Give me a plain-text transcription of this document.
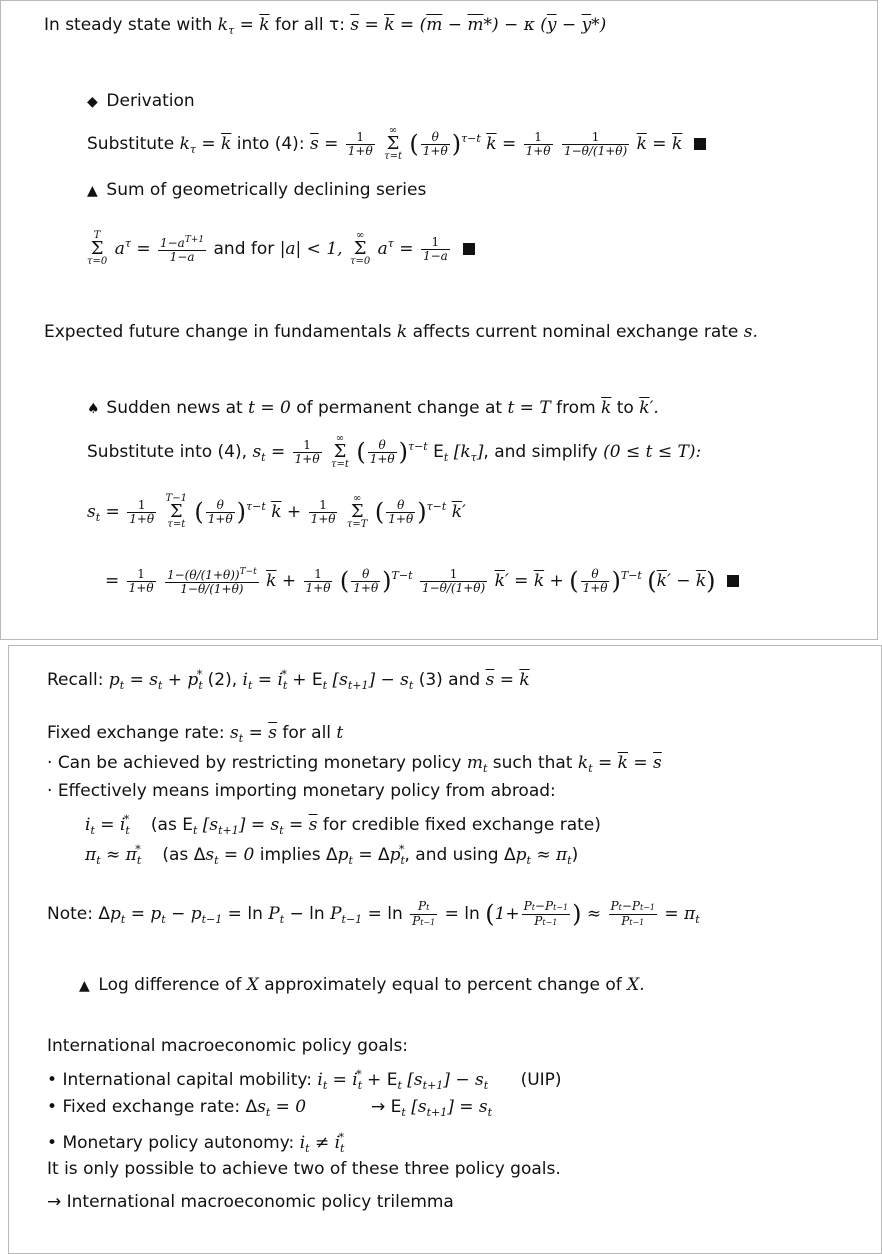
In steady state with $k_\tau = \overline{k}$ for all τ: $\overline{s} = \overline{k} = (\overline{m} - \overline{m}*) - \kappa$ $(\overline{y} - \overline{y}*)$
◆ Derivation
Substitute $k_\tau = \overline{k}$ into (4): $\overline{s} = \frac{1}{1+\theta}$ ∞
Σ
τ=t ( $\frac{\theta}{1+\theta} )^{\tau-t}$ $\overline{k} = \frac{1}{1+\theta}$
$\frac{1}{1-\theta/(1+\theta)} \overline{k} = \overline{k}$
▲ Sum of geometrically declining series
T
Σ
τ=0 $a^\tau = \frac{1-a^{T+1}}{1-a}$ and for |a| < 1, ∞
Σ
τ=0 $a^\tau = \frac{1}{1-a}$

Expected future change in fundamentals k affects current nominal exchange rate s.
♠ Sudden news at t = 0 of permanent change at t = T from $\overline{k}$ to $\overline{k}'$.
Substitute into (4), $s_t = \frac{1}{1+\theta}$ ∞
Σ
τ=t ( $\frac{\theta}{1+\theta} )^{\tau-t}$ $E_t$ $[k_\tau]$, and simplify (0 ≤ t ≤ T):
$s_t = \frac{1}{1+\theta} T-1$
Σ
τ=t ( $\frac{\theta}{1+\theta} )^{\tau-t}$ $\overline{k} + \frac{1}{1+\theta}$ ∞
Σ
τ=T ( $\frac{\theta}{1+\theta} )^{\tau-t}$ $\overline{k}'$
= $\frac{1}{1+\theta}$
$\frac{1-(\theta/(1+\theta))^{T-t}}{1-\theta/(1+\theta)} \overline{k} + \frac{1}{1+\theta}$ ( $\frac{\theta}{1+\theta} )^{T-t} \frac{1}{1-\theta/(1+\theta)} \overline{k}' = \overline{k}$ + ( $\frac{\theta}{1+\theta} )^{T-t}$ $(\overline{k}' - \overline{k})$
Recall: $p_t = s_t + p_t^*$ (2), $i_t = i_t^* + E_t$ $[s_{t+1}] - s_t$ (3) and $\overline{s} = \overline{k}$
Fixed exchange rate: $s_t = \overline{s}$ for all t
· Can be achieved by restricting monetary policy $m_t$ such that $k_t = \overline{k} = \overline{s}$
· Effectively means importing monetary policy from abroad:
$i_t = i_t^*$    (as $E_t$ $[s_{t+1}] = s_t = \overline{s}$ for credible fixed exchange rate)
$\pi_t \approx \pi_t^*$    (as $\Delta s_t = 0$ implies $\Delta p_t = \Delta p_t^*$, and using $\Delta p_t \approx \pi_t$)
Note: $\Delta p_t = p_t - p_{t-1} = \ln P_t - \ln P_{t-1} = \ln \frac{Pt}{Pt-1} = \ln (1+ \frac{Pt-Pt-1}{Pt-1}$ ) ≈ $\frac{Pt-Pt-1}{Pt-1} = \pi_t$
▲ Log difference of X approximately equal to percent change of X.
International macroeconomic policy goals:
• International capital mobility: $i_t = i_t^* + E_t$ $[s_{t+1}] - s_t$ (UIP)
• Fixed exchange rate: $\Delta s_t = 0$            → $E_t$ $[s_{t+1}] = s_t$
• Monetary policy autonomy: $i_t \ne i_t^*$
It is only possible to achieve two of these three policy goals.
→ International macroeconomic policy trilemma
